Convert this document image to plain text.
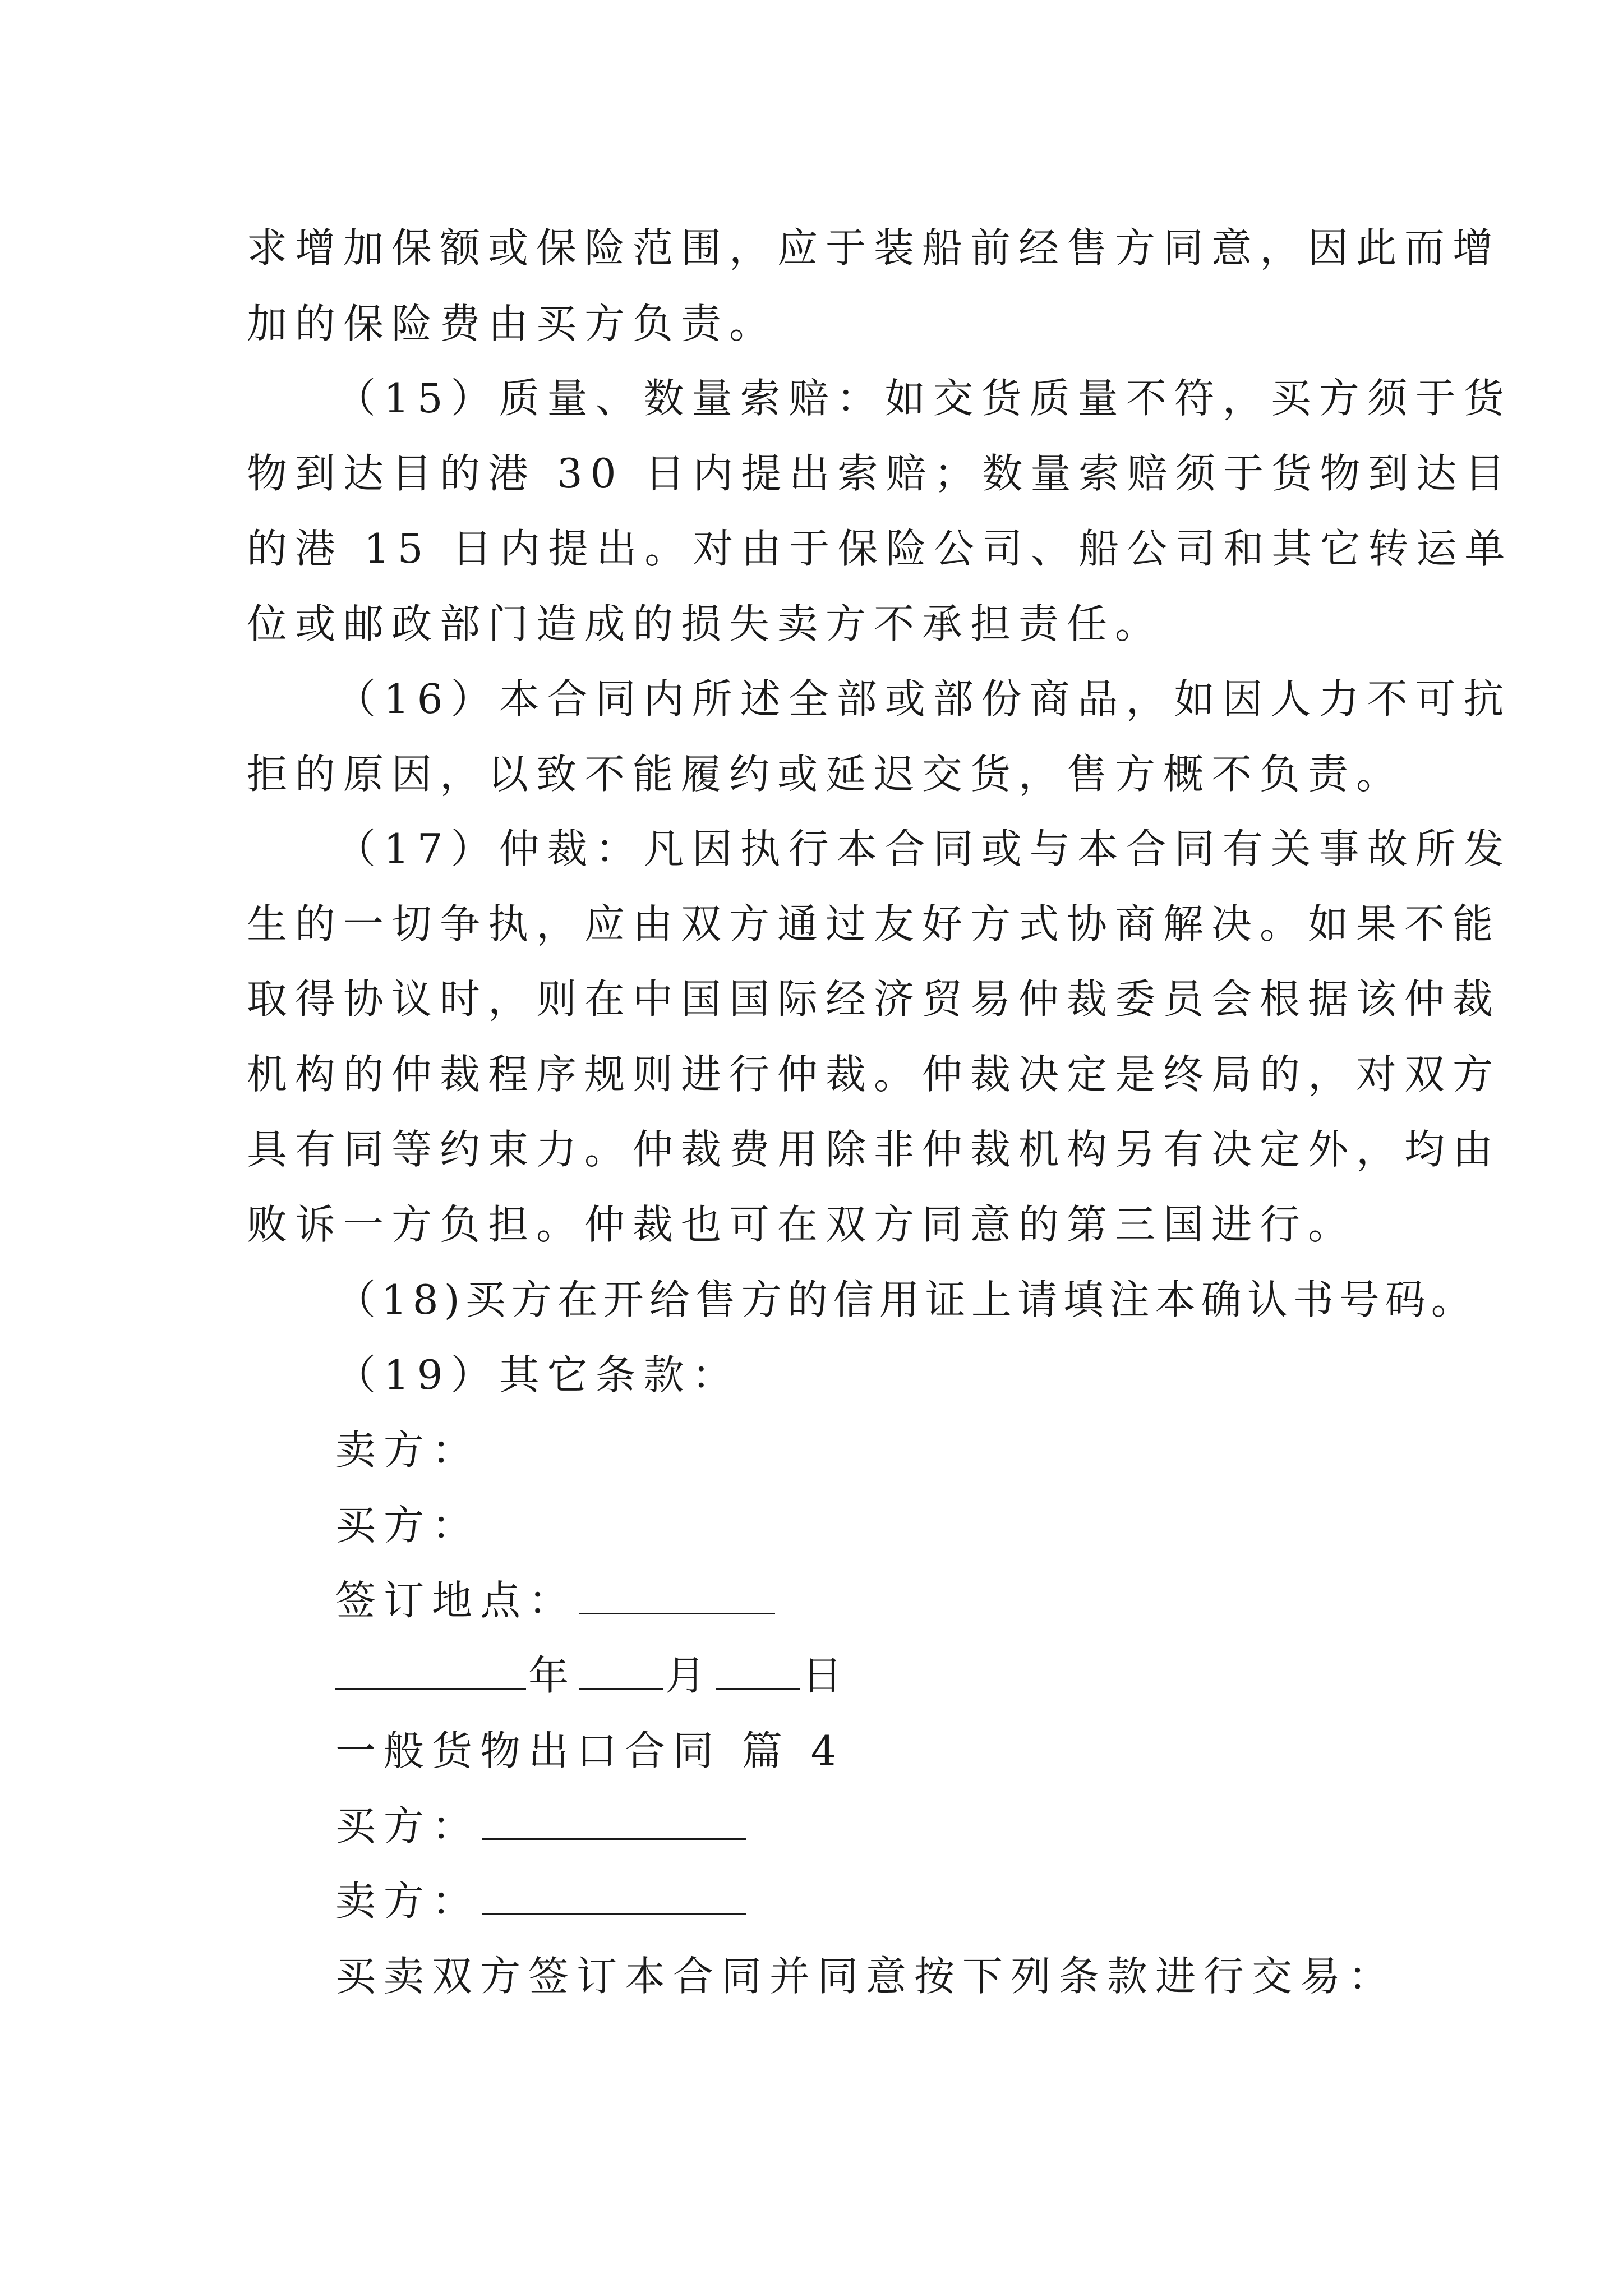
求增加保额或保险范围，应于装船前经售方同意，因此而增
加的保险费由买方负责。
（15）质量、数量索赔：如交货质量不符，买方须于货
物到达目的港 30 日内提出索赔；数量索赔须于货物到达目
的港 15 日内提出。对由于保险公司、船公司和其它转运单
位或邮政部门造成的损失卖方不承担责任。
（16）本合同内所述全部或部份商品，如因人力不可抗
拒的原因，以致不能履约或延迟交货，售方概不负责。
（17）仲裁：凡因执行本合同或与本合同有关事故所发
生的一切争执，应由双方通过友好方式协商解决。如果不能
取得协议时，则在中国国际经济贸易仲裁委员会根据该仲裁
机构的仲裁程序规则进行仲裁。仲裁决定是终局的，对双方
具有同等约束力。仲裁费用除非仲裁机构另有决定外，均由
败诉一方负担。仲裁也可在双方同意的第三国进行。
（18)买方在开给售方的信用证上请填注本确认书号码。
（19）其它条款：
卖方：
买方：
签订地点：
年 月 日
一般货物出口合同 篇 4
买方：
卖方：
买卖双方签订本合同并同意按下列条款进行交易：
